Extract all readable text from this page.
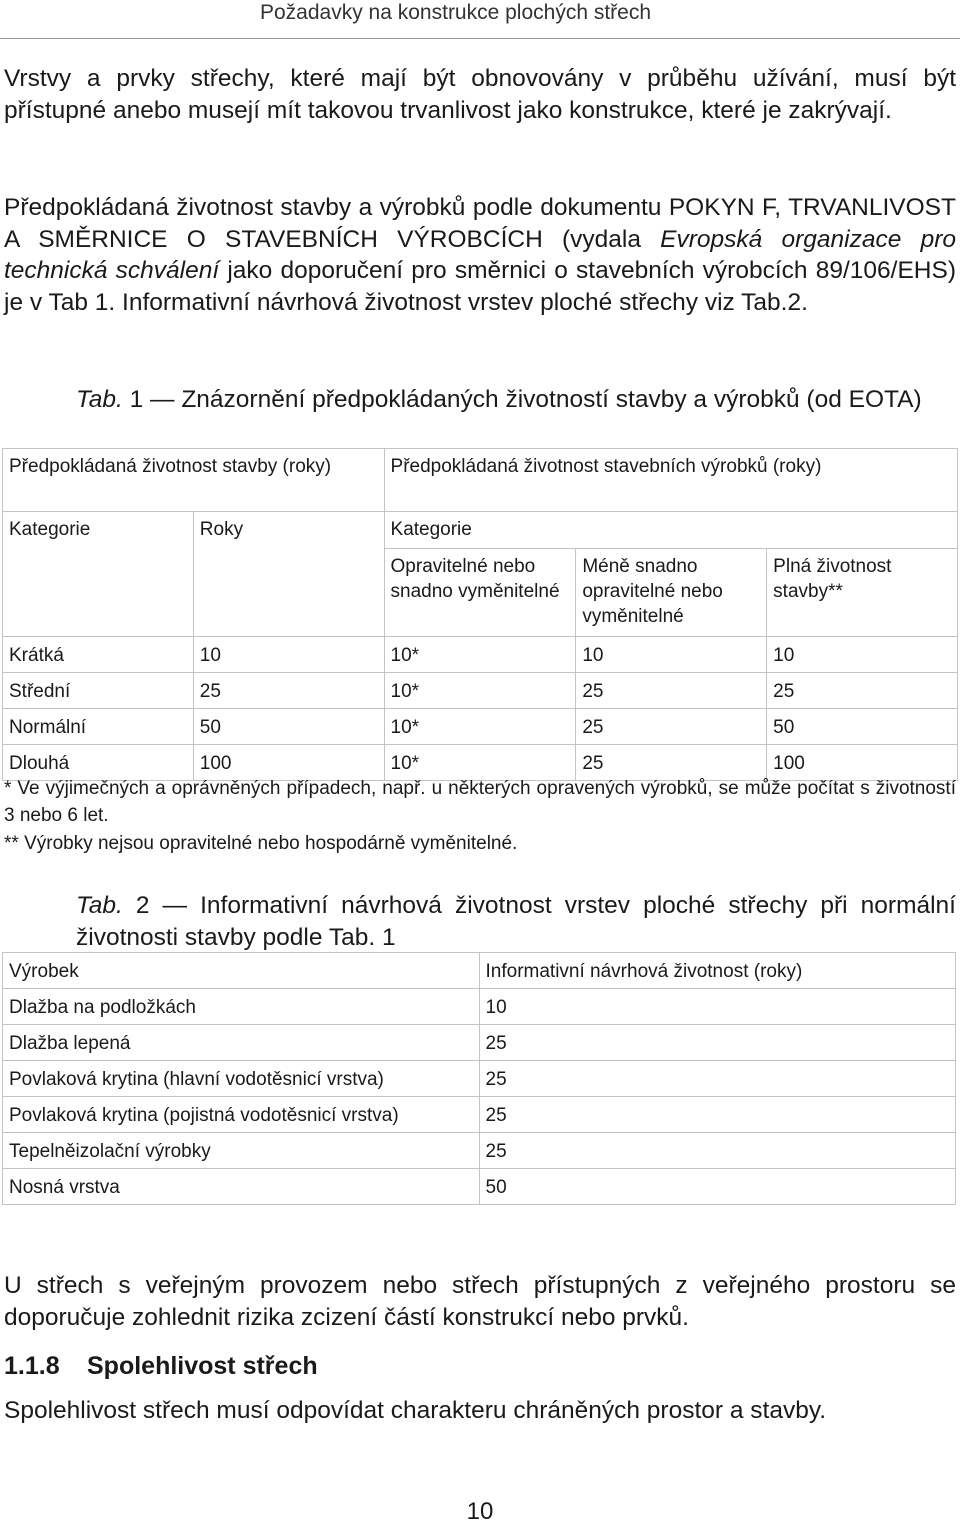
Požadavky na konstrukce plochých střech

Vrstvy a prvky střechy, které mají být obnovovány v průběhu užívání, musí být přístupné anebo musejí mít takovou trvanlivost jako konstrukce, které je zakrývají.

Předpokládaná životnost stavby a výrobků podle dokumentu POKYN F, TRVANLIVOST A SMĚRNICE O STAVEBNÍCH VÝROBCÍCH (vydala Evropská organizace pro technická schválení jako doporučení pro směrnici o stavebních výrobcích 89/106/EHS) je v Tab 1. Informativní návrhová životnost vrstev ploché střechy viz Tab.2.

Tab. 1 — Znázornění předpokládaných životností stavby a výrobků (od EOTA)

Předpokládaná životnost stavby (roky)		Předpokládaná životnost stavebních výrobků (roky)		
Kategorie	Roky	Kategorie		
		Opravitelné nebo snadno vyměnitelné	Méně snadno opravitelné nebo vyměnitelné	Plná životnost stavby**
Krátká	10	10*	10	10
Střední	25	10*	25	25
Normální	50	10*	25	50
Dlouhá	100	10*	25	100

* Ve výjimečných a oprávněných případech, např. u některých opravených výrobků, se může počítat s životností 3 nebo 6 let.

** Výrobky nejsou opravitelné nebo hospodárně vyměnitelné.

Tab. 2 — Informativní návrhová životnost vrstev ploché střechy při normální životnosti stavby podle Tab. 1

Výrobek	Informativní návrhová životnost (roky)
Dlažba na podložkách	10
Dlažba lepená	25
Povlaková krytina (hlavní vodotěsnicí vrstva)	25
Povlaková krytina (pojistná vodotěsnicí vrstva)	25
Tepelněizolační výrobky	25
Nosná vrstva	50

U střech s veřejným provozem nebo střech přístupných z veřejného prostoru se doporučuje zohlednit rizika zcizení částí konstrukcí nebo prvků.

1.1.8 Spolehlivost střech

Spolehlivost střech musí odpovídat charakteru chráněných prostor a stavby.

10
